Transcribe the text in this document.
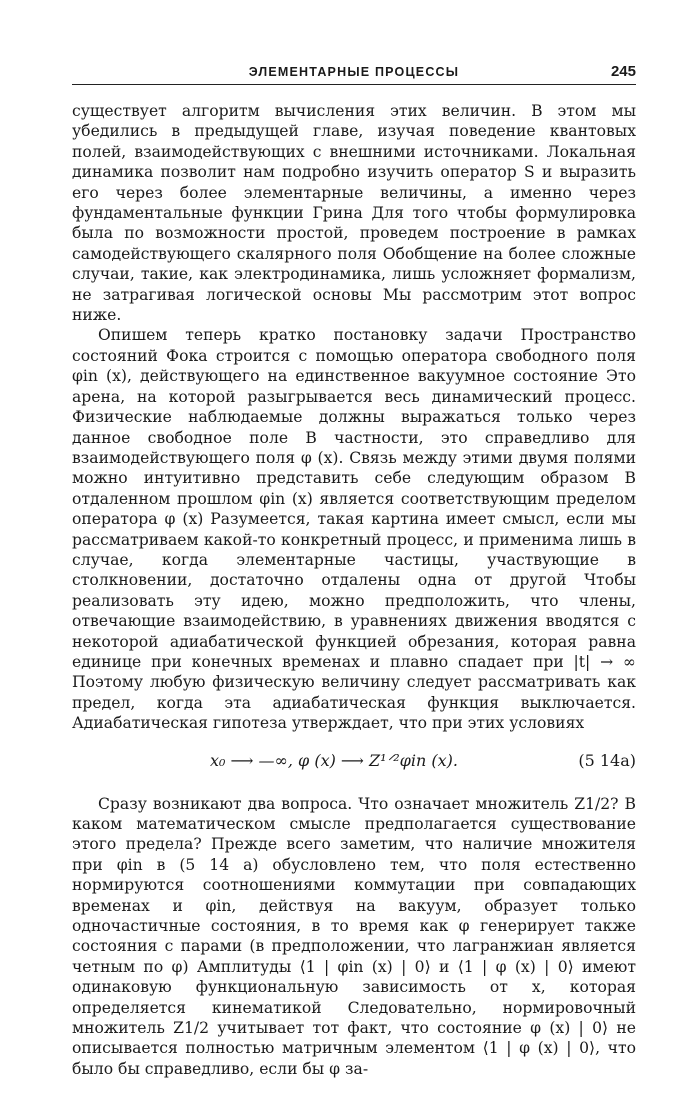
ЭЛЕМЕНТАРНЫЕ ПРОЦЕССЫ	245

существует алгоритм вычисления этих величин. В этом мы убедились в предыдущей главе, изучая поведение квантовых полей, взаимодействующих с внешними источниками. Локальная динамика позволит нам подробно изучить оператор S и выразить его через более элементарные величины, а именно через фундаментальные функции Грина Для того чтобы формулировка была по возможности простой, проведем построение в рамках самодействующего скалярного поля Обобщение на более сложные случаи, такие, как электродинамика, лишь усложняет формализм, не затрагивая логической основы Мы рассмотрим этот вопрос ниже.

Опишем теперь кратко постановку задачи Пространство состояний Фока строится с помощью оператора свободного поля φin (x), действующего на единственное вакуумное состояние Это арена, на которой разыгрывается весь динамический процесс. Физические наблюдаемые должны выражаться только через данное свободное поле В частности, это справедливо для взаимодействующего поля φ (x). Связь между этими двумя полями можно интуитивно представить себе следующим образом В отдаленном прошлом φin (x) является соответствующим пределом оператора φ (x) Разумеется, такая картина имеет смысл, если мы рассматриваем какой-то конкретный процесс, и применима лишь в случае, когда элементарные частицы, участвующие в столкновении, достаточно отдалены одна от другой Чтобы реализовать эту идею, можно предположить, что члены, отвечающие взаимодействию, в уравнениях движения вводятся с некоторой адиабатической функцией обрезания, которая равна единице при конечных временах и плавно спадает при |t| → ∞ Поэтому любую физическую величину следует рассматривать как предел, когда эта адиабатическая функция выключается. Адиабатическая гипотеза утверждает, что при этих условиях

x₀ ⟶ —∞, φ (x) ⟶ Z¹ᐟ²φin (x).	(5 14а)

Сразу возникают два вопроса. Что означает множитель Z1/2? В каком математическом смысле предполагается существование этого предела? Прежде всего заметим, что наличие множителя при φin в (5 14 а) обусловлено тем, что поля естественно нормируются соотношениями коммутации при совпадающих временах и φin, действуя на вакуум, образует только одночастичные состояния, в то время как φ генерирует также состояния с парами (в предположении, что лагранжиан является четным по φ) Амплитуды ⟨1 | φin (x) | 0⟩ и ⟨1 | φ (x) | 0⟩ имеют одинаковую функциональную зависимость от x, которая определяется кинематикой Следовательно, нормировочный множитель Z1/2 учитывает тот факт, что состояние φ (x) | 0⟩ не описывается полностью матричным элементом ⟨1 | φ (x) | 0⟩, что было бы справедливо, если бы φ за-
